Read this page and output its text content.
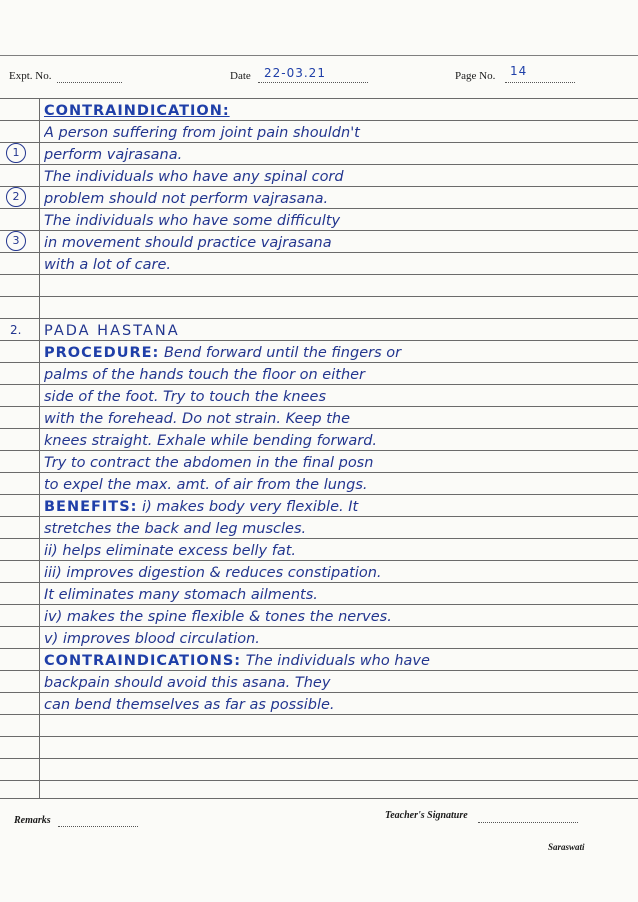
Expt. No.	Date 22-03.21	Page No. 14
CONTRAINDICATION:
1
A person suffering from joint pain shouldn't
perform vajrasana.
2
The individuals who have any spinal cord
problem should not perform vajrasana.
3
The individuals who have some difficulty
in movement should practice vajrasana
with a lot of care.
2. PADA HASTANA
PROCEDURE: Bend forward until the fingers or
palms of the hands touch the floor on either
side of the foot. Try to touch the knees
with the forehead. Do not strain. Keep the
knees straight. Exhale while bending forward.
Try to contract the abdomen in the final posn
to expel the max. amt. of air from the lungs.
BENEFITS: i) makes body very flexible. It
stretches the back and leg muscles.
ii) helps eliminate excess belly fat.
iii) improves digestion & reduces constipation.
It eliminates many stomach ailments.
iv) makes the spine flexible & tones the nerves.
v) improves blood circulation.
CONTRAINDICATIONS: The individuals who have
backpain should avoid this asana. They
can bend themselves as far as possible.
Remarks	Teacher's Signature
Saraswati
